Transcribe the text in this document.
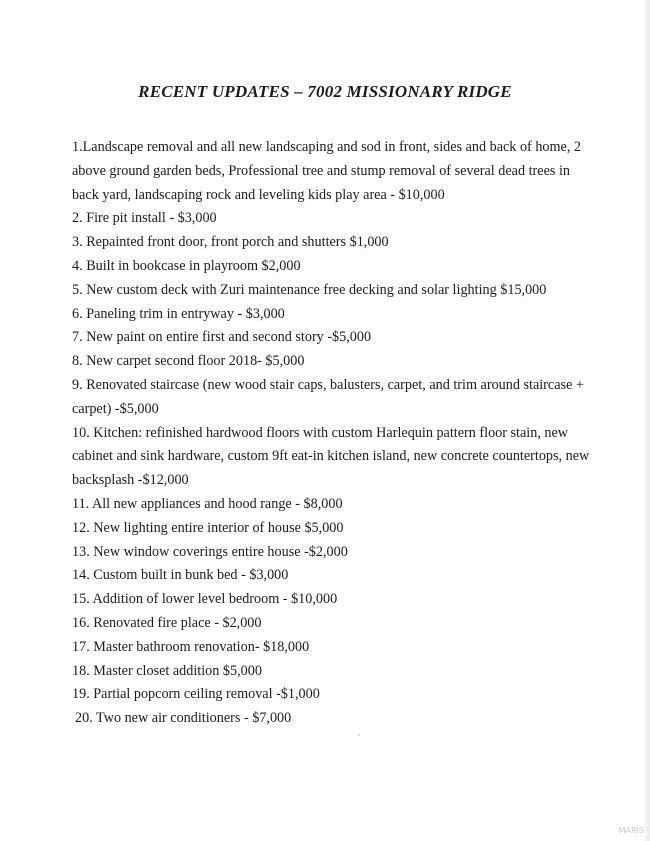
RECENT UPDATES – 7002 MISSIONARY RIDGE
1.Landscape removal and all new landscaping and sod in front, sides and back of home, 2 above ground garden beds, Professional tree and stump removal of several dead trees in back yard, landscaping rock and leveling kids play area - $10,000
2. Fire pit install - $3,000
3. Repainted front door, front porch and shutters $1,000
4. Built in bookcase in playroom $2,000
5. New custom deck with Zuri maintenance free decking and solar lighting $15,000
6. Paneling trim in entryway - $3,000
7. New paint on entire first and second story -$5,000
8. New carpet second floor 2018- $5,000
9. Renovated staircase (new wood stair caps, balusters, carpet, and trim around staircase + carpet) -$5,000
10. Kitchen: refinished hardwood floors with custom Harlequin pattern floor stain, new cabinet and sink hardware, custom 9ft eat-in kitchen island, new concrete countertops, new backsplash -$12,000
11. All new appliances and hood range - $8,000
12. New lighting entire interior of house $5,000
13. New window coverings entire house -$2,000
14. Custom built in bunk bed - $3,000
15. Addition of lower level bedroom - $10,000
16. Renovated fire place - $2,000
17. Master bathroom renovation- $18,000
18. Master closet addition $5,000
19. Partial popcorn ceiling removal -$1,000
20. Two new air conditioners - $7,000
MARIS
